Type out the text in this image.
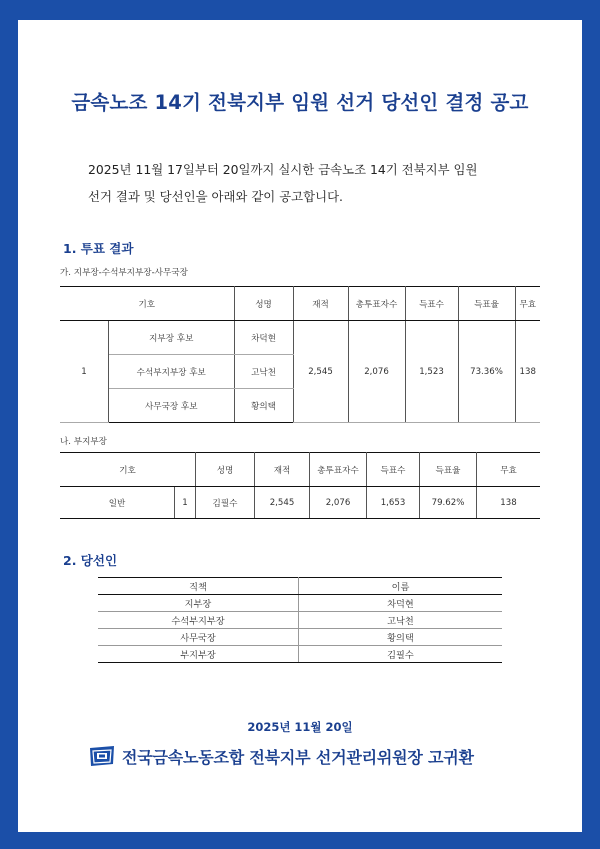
금속노조 14기 전북지부 임원 선거 당선인 결정 공고
2025년 11월 17일부터 20일까지 실시한 금속노조 14기 전북지부 임원
선거 결과 및 당선인을 아래와 같이 공고합니다.
1. 투표 결과
가. 지부장-수석부지부장-사무국장
기호		성명	재적	총투표자수	득표수	득표율	무효
1	지부장 후보	차덕현	2,545	2,076	1,523	73.36%	138
	수석부지부장 후보	고낙천					
	사무국장 후보	황의택					
나. 부지부장
기호		성명	재적	총투표자수	득표수	득표율	무효
일반	1	김필수	2,545	2,076	1,653	79.62%	138
2. 당선인
직책	이름
지부장	차덕현
수석부지부장	고낙천
사무국장	황의택
부지부장	김필수
2025년 11월 20일
전국금속노동조합 전북지부 선거관리위원장 고귀환
